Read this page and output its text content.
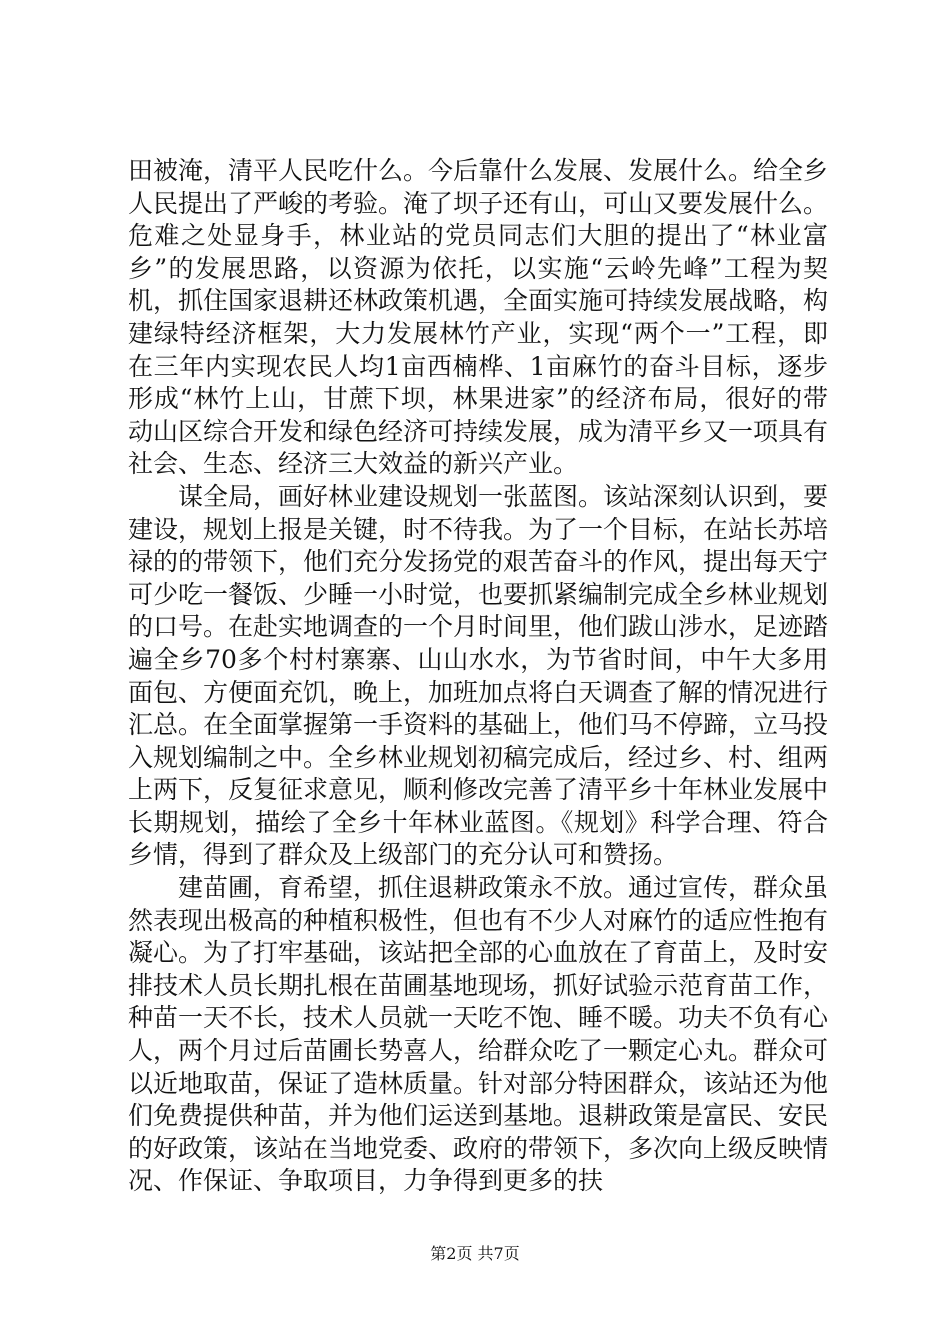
田被淹，清平人民吃什么。今后靠什么发展、发展什么。给全乡人民提出了严峻的考验。淹了坝子还有山，可山又要发展什么。危难之处显身手，林业站的党员同志们大胆的提出了“林业富乡”的发展思路，以资源为依托，以实施“云岭先峰”工程为契机，抓住国家退耕还林政策机遇，全面实施可持续发展战略，构建绿特经济框架，大力发展林竹产业，实现“两个一”工程，即在三年内实现农民人均1亩西楠桦、1亩麻竹的奋斗目标，逐步形成“林竹上山，甘蔗下坝，林果进家”的经济布局，很好的带动山区综合开发和绿色经济可持续发展，成为清平乡又一项具有社会、生态、经济三大效益的新兴产业。

谋全局，画好林业建设规划一张蓝图。该站深刻认识到，要建设，规划上报是关键，时不待我。为了一个目标，在站长苏培禄的的带领下，他们充分发扬党的艰苦奋斗的作风，提出每天宁可少吃一餐饭、少睡一小时觉，也要抓紧编制完成全乡林业规划的口号。在赴实地调查的一个月时间里，他们跋山涉水，足迹踏遍全乡70多个村村寨寨、山山水水，为节省时间，中午大多用面包、方便面充饥，晚上，加班加点将白天调查了解的情况进行汇总。在全面掌握第一手资料的基础上，他们马不停蹄，立马投入规划编制之中。全乡林业规划初稿完成后，经过乡、村、组两上两下，反复征求意见，顺利修改完善了清平乡十年林业发展中长期规划，描绘了全乡十年林业蓝图。《规划》科学合理、符合乡情，得到了群众及上级部门的充分认可和赞扬。

建苗圃，育希望，抓住退耕政策永不放。通过宣传，群众虽然表现出极高的种植积极性，但也有不少人对麻竹的适应性抱有凝心。为了打牢基础，该站把全部的心血放在了育苗上，及时安排技术人员长期扎根在苗圃基地现场，抓好试验示范育苗工作，种苗一天不长，技术人员就一天吃不饱、睡不暖。功夫不负有心人，两个月过后苗圃长势喜人，给群众吃了一颗定心丸。群众可以近地取苗，保证了造林质量。针对部分特困群众，该站还为他们免费提供种苗，并为他们运送到基地。退耕政策是富民、安民的好政策，该站在当地党委、政府的带领下，多次向上级反映情况、作保证、争取项目，力争得到更多的扶

第2页 共7页
